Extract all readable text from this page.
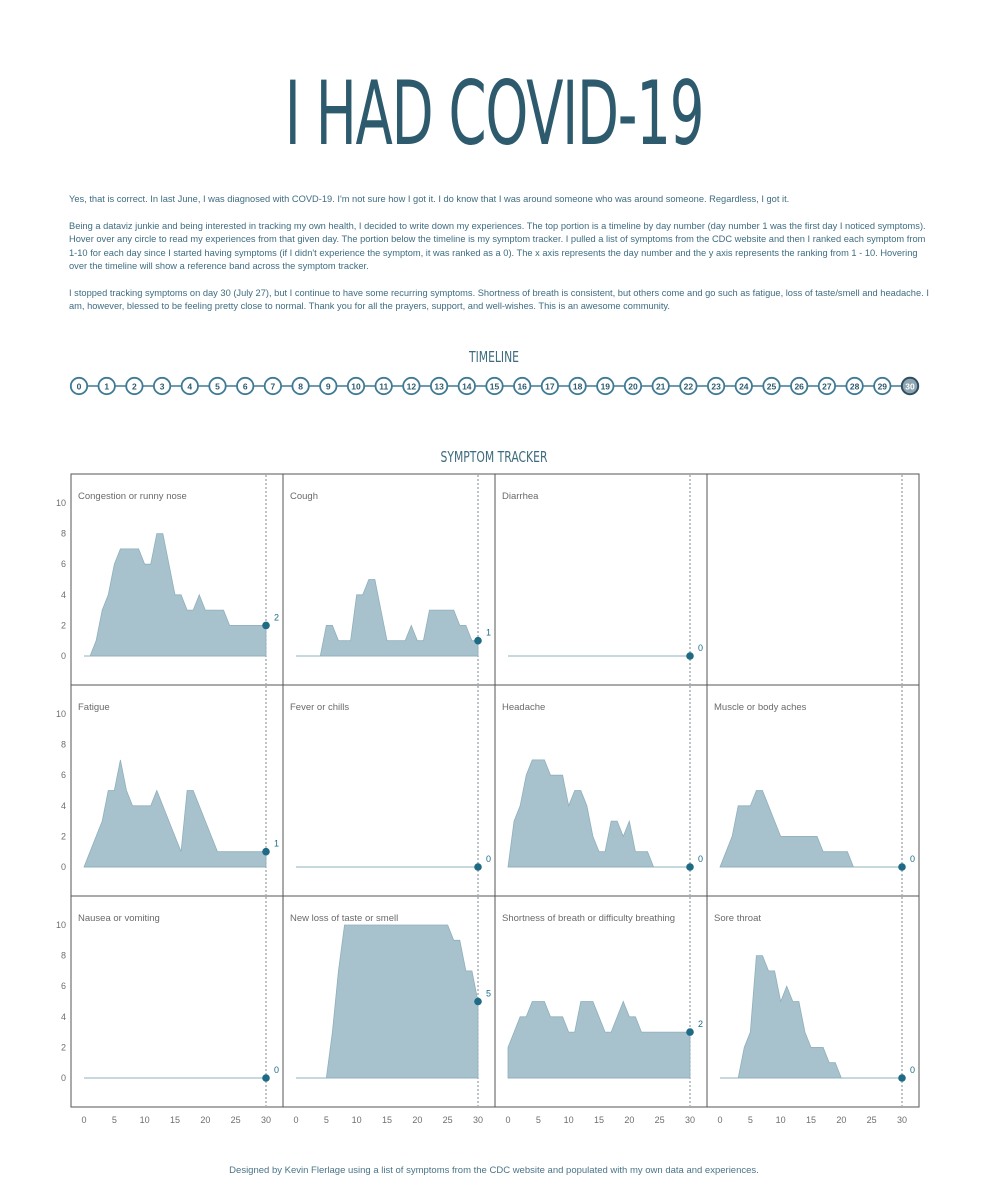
I HAD COVID-19

Yes, that is correct. In last June, I was diagnosed with COVD-19. I'm not sure how I got it. I do know that I was around someone who was around someone. Regardless, I got it.

Being a dataviz junkie and being interested in tracking my own health, I decided to write down my experiences. The top portion is a timeline by day number (day number 1 was the first day I noticed symptoms). Hover over any circle to read my experiences from that given day. The portion below the timeline is my symptom tracker. I pulled a list of symptoms from the CDC website and then I ranked each symptom from 1-10 for each day since I started having symptoms (if I didn't experience the symptom, it was ranked as a 0). The x axis represents the day number and the y axis represents the ranking from 1 - 10. Hovering over the timeline will show a reference band across the symptom tracker.

I stopped tracking symptoms on day 30 (July 27), but I continue to have some recurring symptoms. Shortness of breath is consistent, but others come and go such as fatigue, loss of taste/smell and headache. I am, however, blessed to be feeling pretty close to normal. Thank you for all the prayers, support, and well-wishes. This is an awesome community.

TIMELINE
0	1	2	3	4	5	6	7	8	9 10 11 12 13 14 15 16 17 18 19 20 21 22 23 24 25 26 27 28 29 30
SYMPTOM TRACKER
0
2
4
6
8
10
0
2
4
6
8
10
0
2
4
6
8
10
0	5	10 15 20 25 30 0	5	10 15 20 25 30 0	5	10 15 20 25 30 0	5	10 15 20 25 30
Congestion or runny nose
2
Cough
1
Diarrhea
0
Fatigue
1
Fever or chills
0
Headache
0
Muscle or body aches
0
Nausea or vomiting
0
New loss of taste or smell
5
Shortness of breath or difficulty breathing
2
Sore throat
0
Designed by Kevin Flerlage using a list of symptoms from the CDC website and populated with my own data and experiences.
